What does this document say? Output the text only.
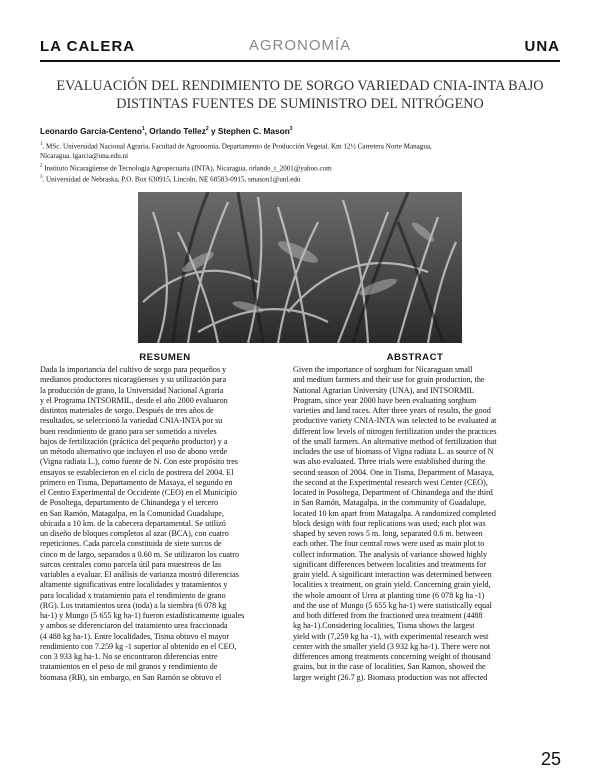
LA CALERA	AGRONOMÍA	UNA
EVALUACIÓN DEL RENDIMIENTO DE SORGO VARIEDAD CNIA-INTA BAJO
DISTINTAS FUENTES DE SUMINISTRO DEL NITRÓGENO
Leonardo García-Centeno$^1$, Orlando Tellez$^2$ y Stephen C. Mason$^3$
$^1$. MSc. Universidad Nacional Agraria, Facultad de Agronomía, Departamento de Producción Vegetal. Km 12½ Carretera Norte Managua,
Nicaragua. lgarcia@una.edu.ni
$^2$ Instituto Nicaragüense de Tecnología Agropecuaria (INTA), Nicaragua, orlando_t_2001@yahoo.com
$^3$. Universidad de Nebraska, P.O. Box 630915, Lincoln, NE 68583-0915, smason1@unl.edu
RESUMEN	ABSTRACT

Dada la importancia del cultivo de sorgo para pequeños y

medianos productores nicaragüenses y su utilización para

la producción de grano, la Universidad Nacional Agraria

y el Programa INTSORMIL, desde el año 2000 evaluaron

distintos materiales de sorgo. Después de tres años de

resultados, se seleccionó la variedad CNIA-INTA por su

buen rendimiento de grano para ser sometido a niveles

bajos de fertilización (práctica del pequeño productor) y a

un método alternativo que incluyen el uso de abono verde

(Vigna radiata L.), como fuente de N. Con este propósito tres

ensayos se establecieron en el ciclo de postrera del 2004. El

primero en Tisma, Departamento de Masaya, el segundo en

el Centro Experimental de Occidente (CEO) en el Municipio

de Posoltega, departamento de Chinandega y el tercero

en San Ramón, Matagalpa, en la Comunidad Guadalupe,

ubicada a 10 km. de la cabecera departamental. Se utilizó

un diseño de bloques completos al azar (BCA), con cuatro

repeticiones. Cada parcela constituida de siete surcos de

cinco m de largo, separados a 0.60 m. Se utilizaron los cuatro

surcos centrales como parcela útil para muestreos de las

variables a evaluar. El análisis de varianza mostró diferencias

altamente significativas entre localidades y tratamientos y

para localidad x tratamiento para el rendimiento de grano

(RG). Los tratamientos urea (toda) a la siembra (6 078 kg

ha-1) y Mungo (5 655 kg ha-1) fueron estadísticamente iguales

y ambos se diferenciaron del tratamiento urea fraccionada

(4 488 kg ha-1). Entre localidades, Tisma obtuvo el mayor

rendimiento con 7.259 kg -1 superior al obtenido en el CEO,

con 3 933 kg ha-1. No se encontraron diferencias entre

tratamientos en el peso de mil granos y rendimiento de

biomasa (RB), sin embargo, en San Ramón se obtuvo el

Given the importance of sorghum for Nicaraguan small

and medium farmers and their use for grain production, the

National Agrarian University (UNA), and INTSORMIL

Program, since year 2000 have been evaluating sorghum

varieties and land races. After three years of results, the good

productive variety CNIA-INTA was selected to be evaluated at

different low levels of nitrogen fertilization under the practices

of the small farmers. An alternative method of fertilization that

includes the use of biomass of Vigna radiata L. as source of N

was also evaluated. Three trials were established during the

second season of 2004. One in Tisma, Department of Masaya,

the second at the Experimental research west Center (CEO),

located in Posoltega, Department of Chinandega and the third

in San Ramón, Matagalpa, in the community of Guadalupe,

located 10 km apart from Matagalpa. A randomized completed

block design with four replications was used; each plot was

shaped by seven rows 5 m. long, separated 0.6 m. between

each other. The four central rows were used as main plot to

collect information. The analysis of variance showed highly

significant differences between localities and treatments for

grain yield. A significant interaction was determined between

localities x treatment, on grain yield. Concerning grain yield,

the whole amount of Urea at planting time (6 078 kg ha -1)

and the use of Mungo (5 655 kg ha-1) were statistically equal

and both differed from the fractioned urea treatment (4488

kg ha-1).Considering localities, Tisma shows the largest

yield with (7,259 kg ha -1), with experimental research west

center with the smaller yield (3 932 kg ha-1). There were not

differences among treatments concerning weight of thousand

grains, but in the case of localities, San Ramon, showed the

larger weight (26.7 g). Biomass production was not affected

25
